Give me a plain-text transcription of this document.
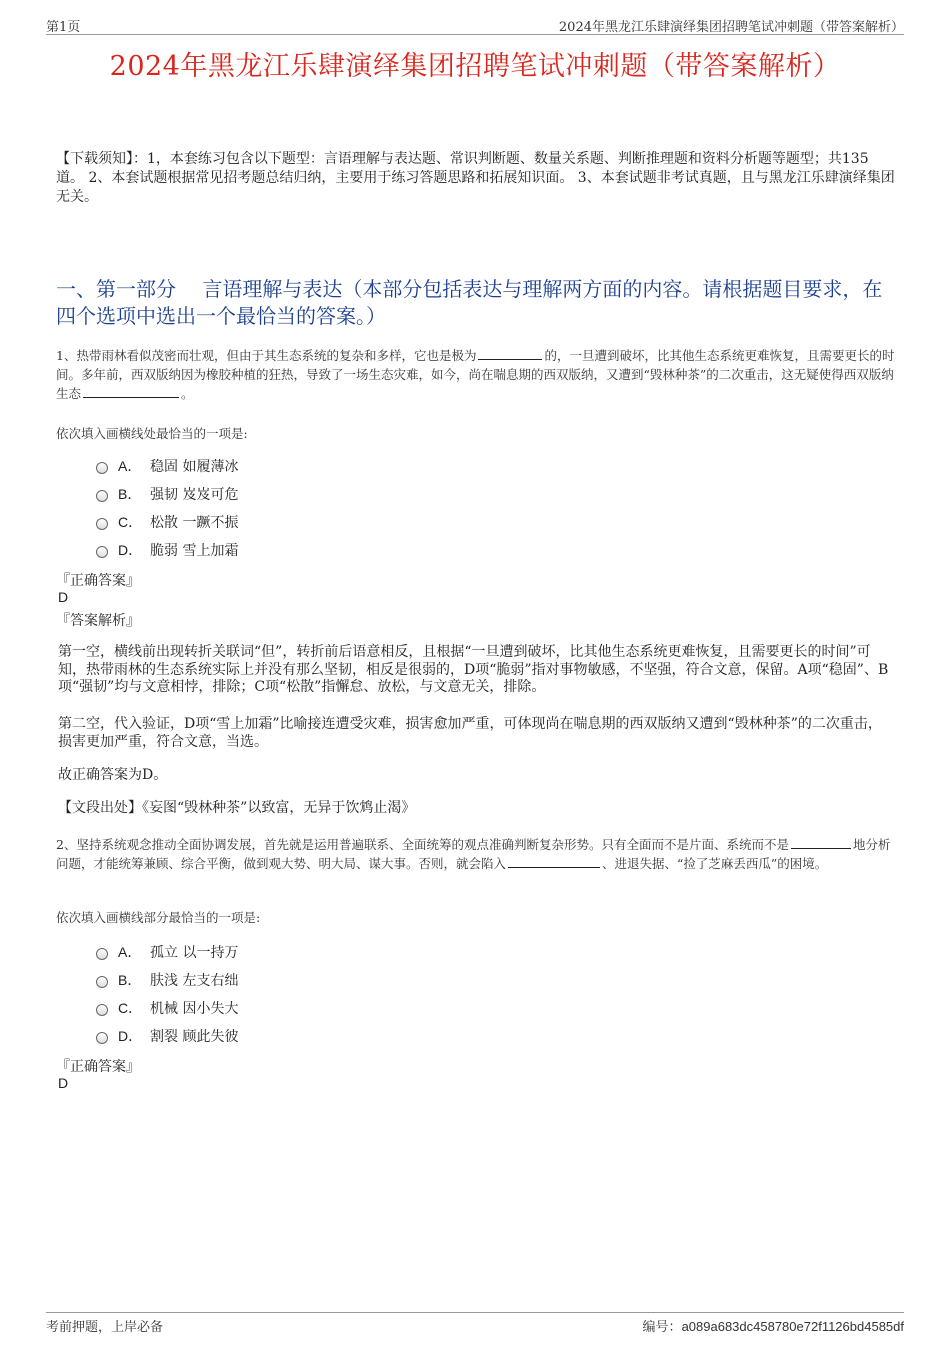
第1页	2024年黑龙江乐肆演绎集团招聘笔试冲刺题（带答案解析）
2024年黑龙江乐肆演绎集团招聘笔试冲刺题（带答案解析）
【下载须知】：1，本套练习包含以下题型：言语理解与表达题、常识判断题、数量关系题、判断推理题和资料分析题等题型；共135道。 2、本套试题根据常见招考题总结归纳，主要用于练习答题思路和拓展知识面。 3、本套试题非考试真题，且与黑龙江乐肆演绎集团无关。
一、第一部分　 言语理解与表达（本部分包括表达与理解两方面的内容。请根据题目要求，在四个选项中选出一个最恰当的答案。）
1、热带雨林看似茂密而壮观，但由于其生态系统的复杂和多样，它也是极为	的，一旦遭到破坏，比其他生态系统更难恢复，且需要更长的时间。多年前，西双版纳因为橡胶种植的狂热，导致了一场生态灾难，如今，尚在喘息期的西双版纳，又遭到“毁林种茶”的二次重击，这无疑使得西双版纳生态	。
依次填入画横线处最恰当的一项是:
A． 稳固 如履薄冰
B． 强韧 岌岌可危
C． 松散 一蹶不振
D． 脆弱 雪上加霜
『正确答案』
D
『答案解析』
第一空，横线前出现转折关联词“但”，转折前后语意相反，且根据“一旦遭到破坏，比其他生态系统更难恢复，且需要更长的时间”可知，热带雨林的生态系统实际上并没有那么坚韧，相反是很弱的，D项“脆弱”指对事物敏感，不坚强，符合文意，保留。A项“稳固”、B项“强韧”均与文意相悖，排除；C项“松散”指懈怠、放松，与文意无关，排除。
第二空，代入验证，D项“雪上加霜”比喻接连遭受灾难，损害愈加严重，可体现尚在喘息期的西双版纳又遭到“毁林种茶”的二次重击，损害更加严重，符合文意，当选。
故正确答案为D。
【文段出处】《妄图“毁林种茶”以致富，无异于饮鸩止渴》
2、坚持系统观念推动全面协调发展，首先就是运用普遍联系、全面统筹的观点准确判断复杂形势。只有全面而不是片面、系统而不是	地分析问题，才能统筹兼顾、综合平衡，做到观大势、明大局、谋大事。否则，就会陷入	、进退失据、“捡了芝麻丢西瓜”的困境。
依次填入画横线部分最恰当的一项是:
A． 孤立 以一持万
B． 肤浅 左支右绌
C． 机械 因小失大
D． 割裂 顾此失彼
『正确答案』
D
考前押题，上岸必备	编号：a089a683dc458780e72f1126bd4585df
